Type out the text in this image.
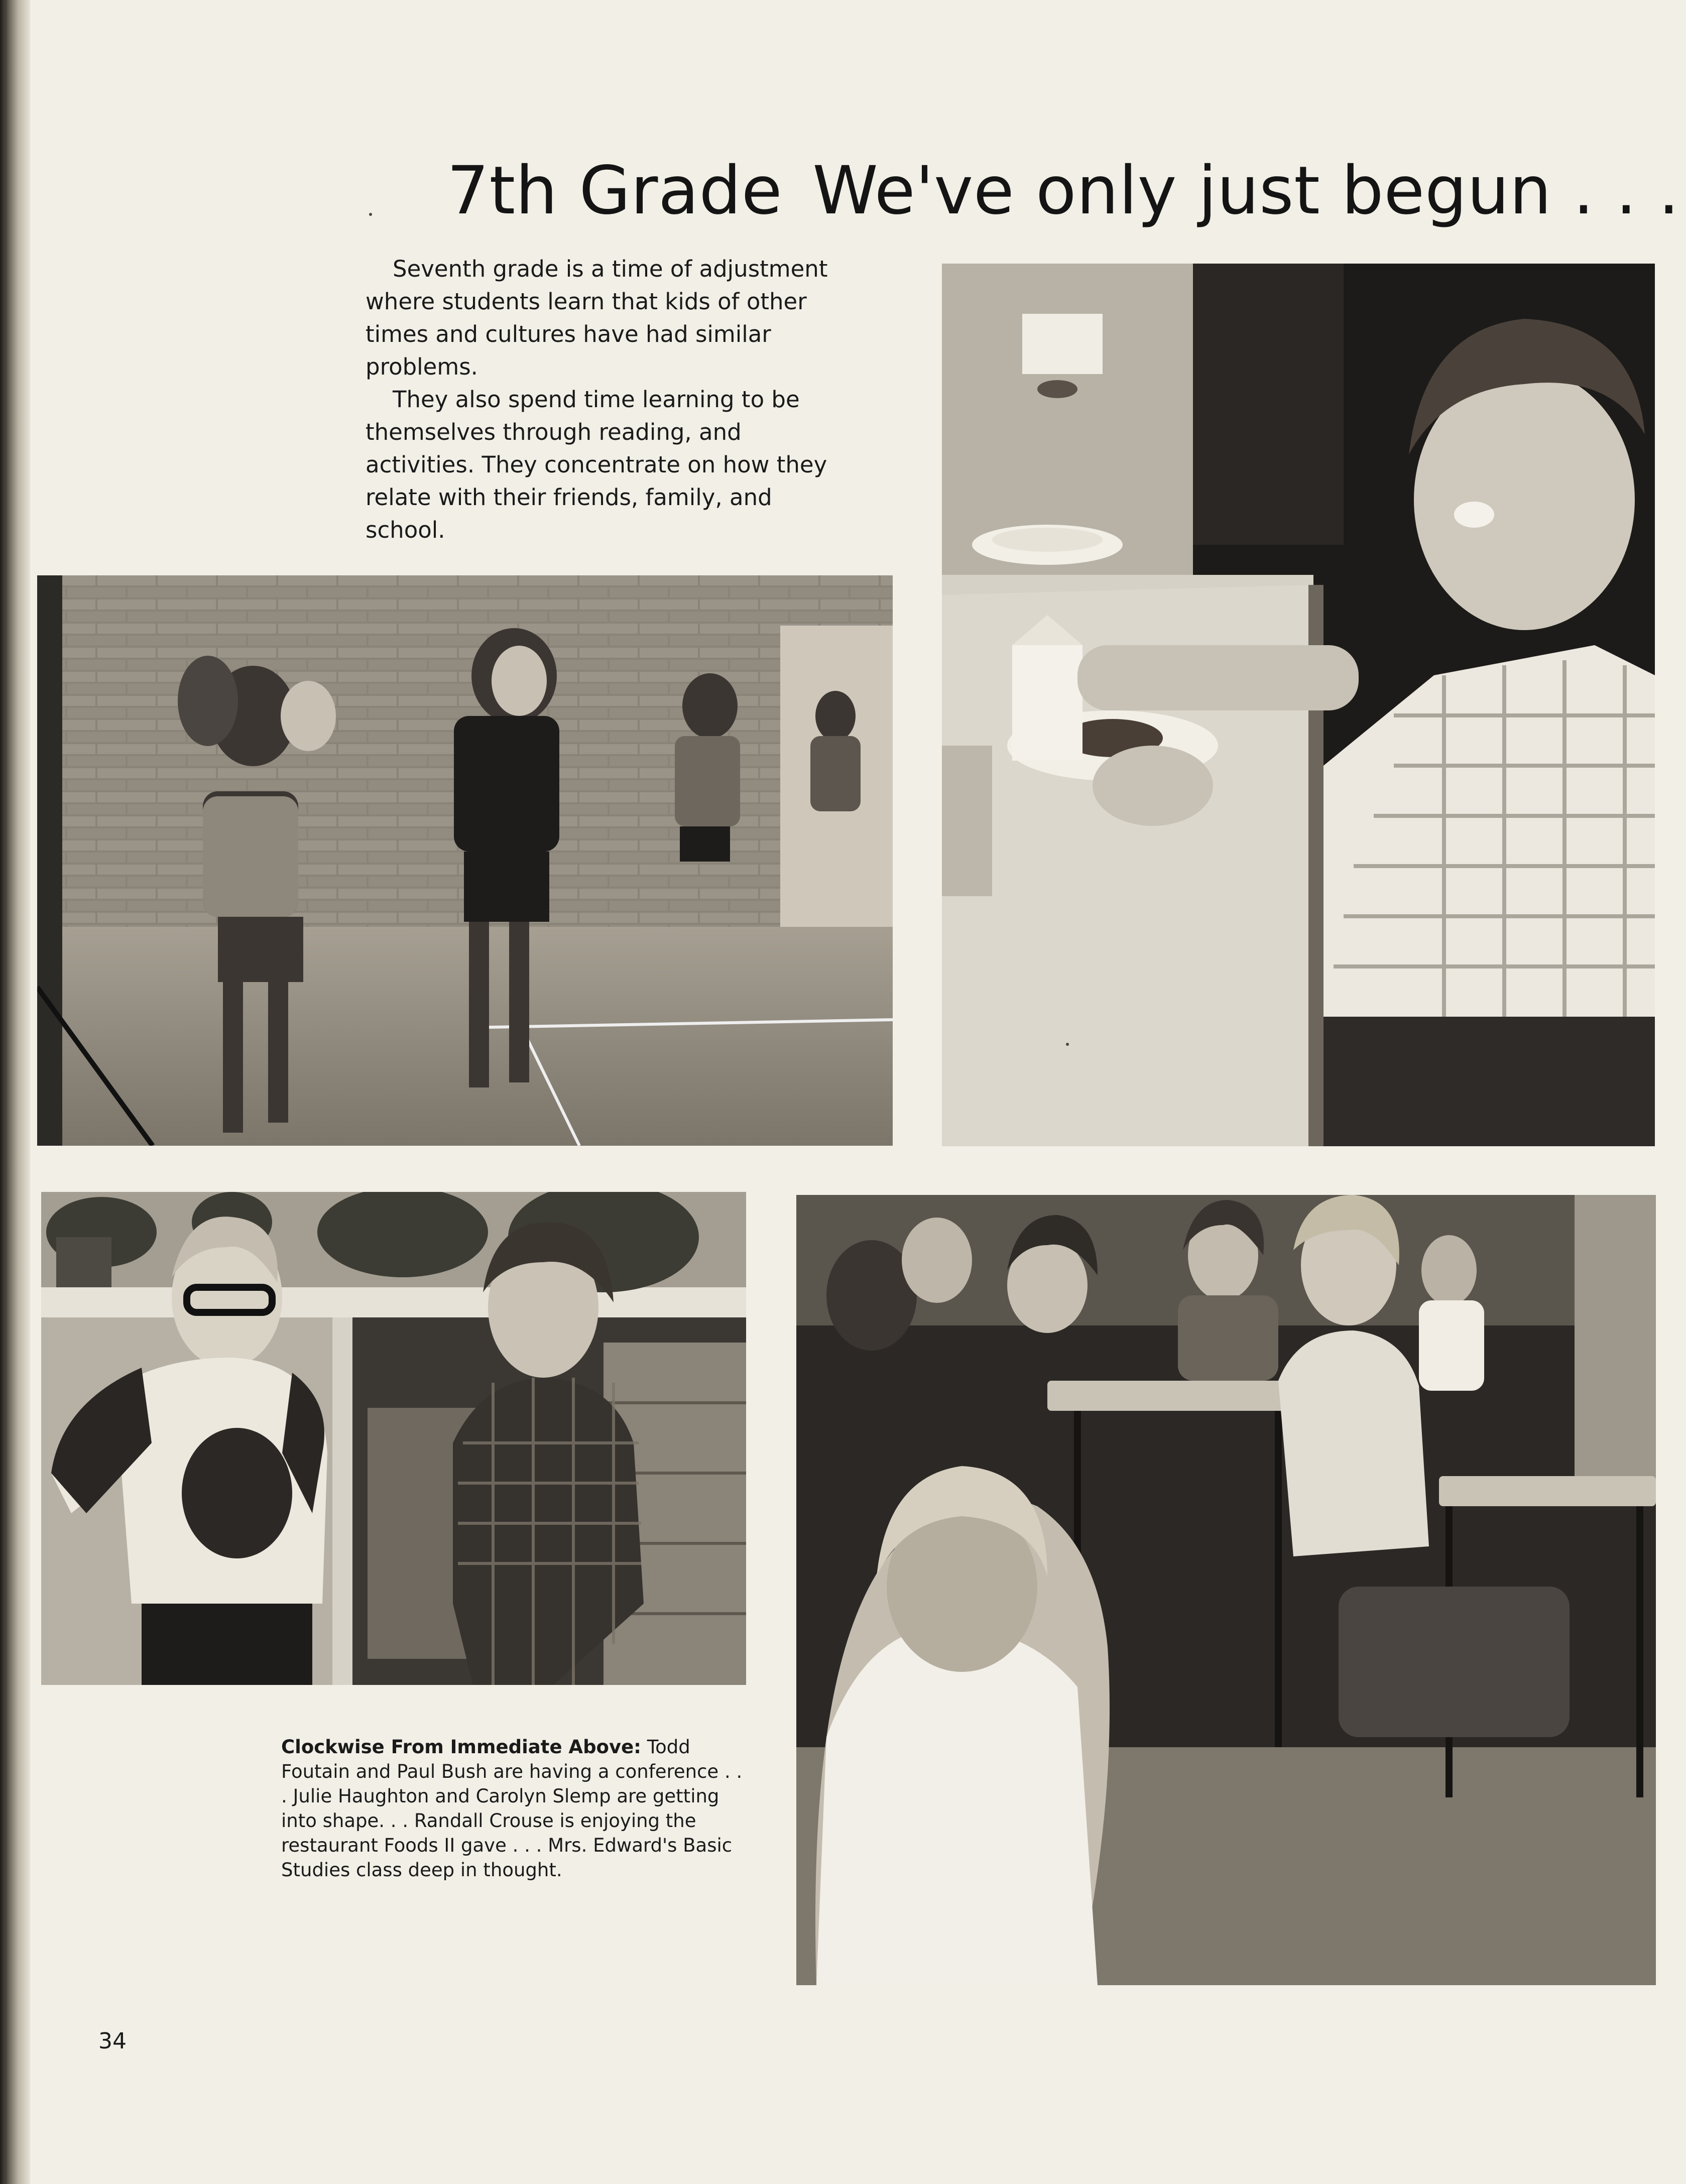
7th Grade We've only just begun . . .

Seventh grade is a time of adjustment where students learn that kids of other times and cultures have had similar problems.

They also spend time learning to be themselves through reading, and activities. They concentrate on how they relate with their friends, family, and school.

Clockwise From Immediate Above: Todd Foutain and Paul Bush are having a conference . . . Julie Haughton and Carolyn Slemp are getting into shape. . . Randall Crouse is enjoying the restaurant Foods II gave . . . Mrs. Edward's Basic Studies class deep in thought.
34
